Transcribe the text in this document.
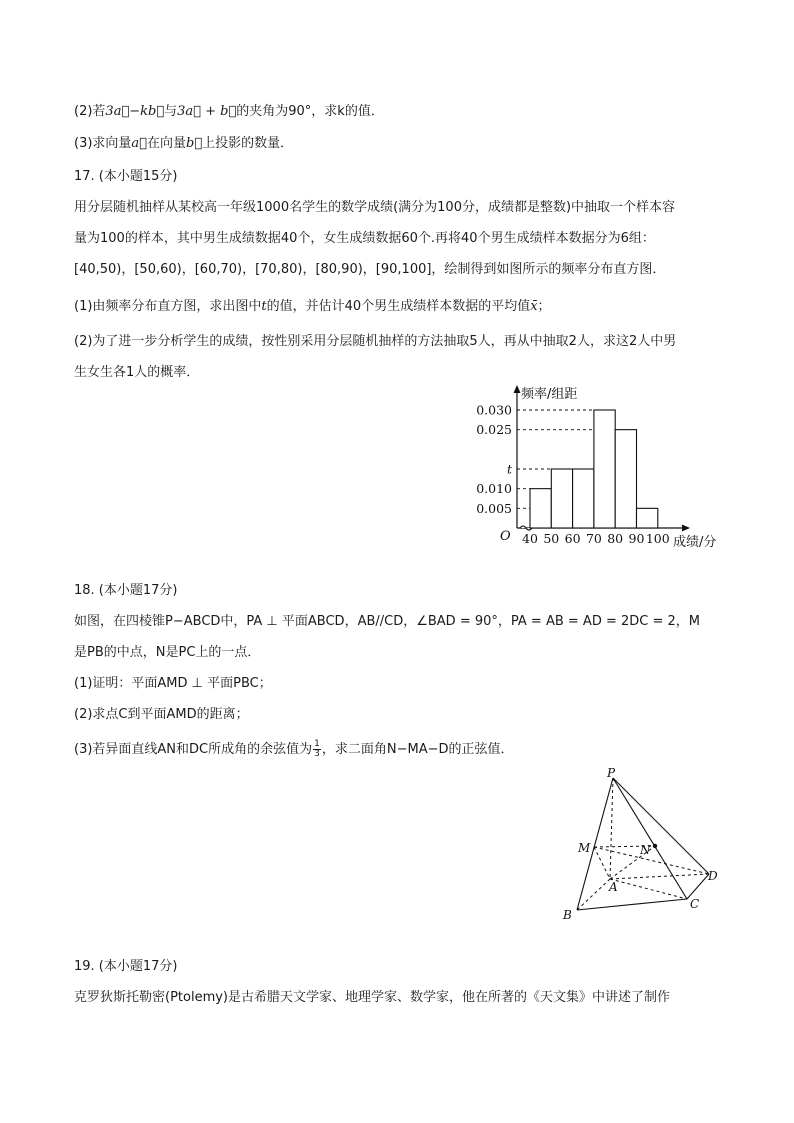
(2)若3a⃗−kb⃗与3a⃗ + b⃗的夹角为90°，求k的值．
(3)求向量a⃗在向量b⃗上投影的数量．
17. (本小题15分)
用分层随机抽样从某校高一年级1000名学生的数学成绩(满分为100分，成绩都是整数)中抽取一个样本容
量为100的样本，其中男生成绩数据40个，女生成绩数据60个.再将40个男生成绩样本数据分为6组：
[40,50)，[50,60)，[60,70)，[70,80)，[80,90)，[90,100]，绘制得到如图所示的频率分布直方图．
(1)由频率分布直方图，求出图中t的值，并估计40个男生成绩样本数据的平均值x̄；
(2)为了进一步分析学生的成绩，按性别采用分层随机抽样的方法抽取5人，再从中抽取2人，求这2人中男
生女生各1人的概率．
0.005
0.010
t
0.025
0.030
40 50 60 70 80 90 100
频率/组距
成绩/分
O
18. (本小题17分)
如图，在四棱锥P−ABCD中，PA ⊥ 平面ABCD，AB//CD，∠BAD = 90°，PA = AB = AD = 2DC = 2，M
是PB的中点，N是PC上的一点．
(1)证明：平面AMD ⊥ 平面PBC；
(2)求点C到平面AMD的距离；
(3)若异面直线AN和DC所成角的余弦值为 $\frac{1}{3}$ ，求二面角N−MA−D的正弦值．
P
M	N
A
B
C
D
19. (本小题17分)
克罗狄斯托勒密(Ptolemy)是古希腊天文学家、地理学家、数学家，他在所著的《天文集》中讲述了制作
